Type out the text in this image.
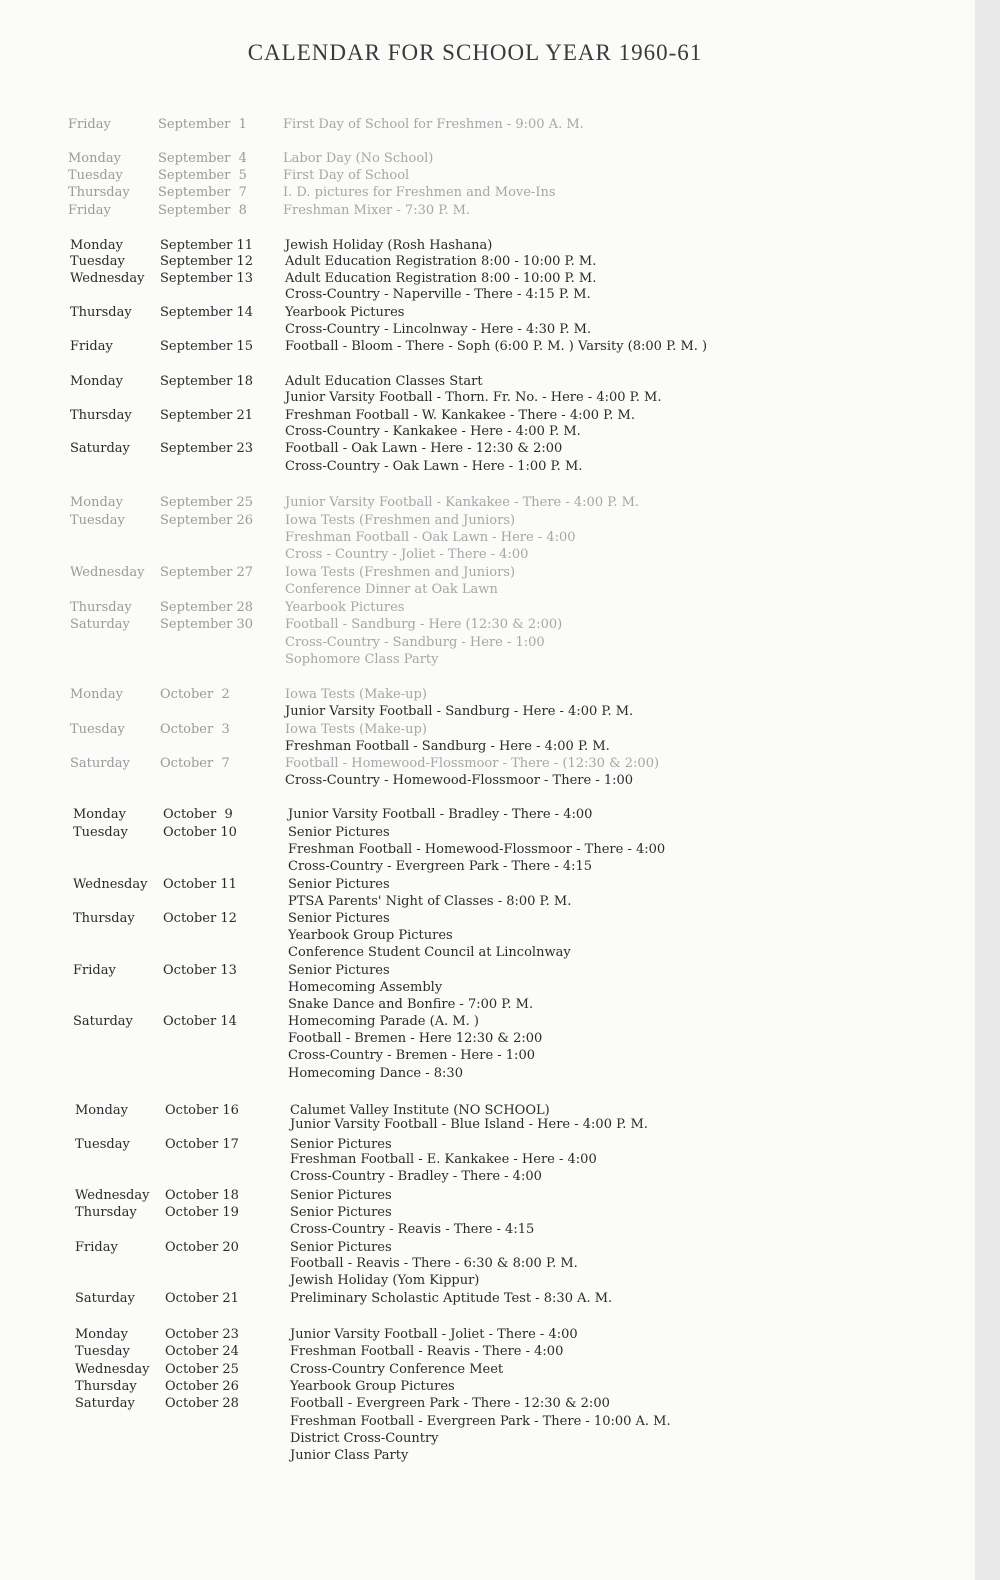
CALENDAR FOR SCHOOL YEAR 1960-61
Friday	September  1	First Day of School for Freshmen - 9:00 A. M.
Monday	September  4	Labor Day (No School)
Tuesday	September  5	First Day of School
Thursday September  7	I. D. pictures for Freshmen and Move-Ins
Friday	September  8	Freshman Mixer - 7:30 P. M.
Monday	September 11 Jewish Holiday (Rosh Hashana)
Tuesday	September 12 Adult Education Registration 8:00 - 10:00 P. M.
Wednesday September 13 Adult Education Registration 8:00 - 10:00 P. M.
Cross-Country - Naperville - There - 4:15 P. M.
Thursday September 14 Yearbook Pictures
Cross-Country - Lincolnway - Here - 4:30 P. M.
Friday	September 15 Football - Bloom - There - Soph (6:00 P. M. ) Varsity (8:00 P. M. )
Monday	September 18 Adult Education Classes Start
Junior Varsity Football - Thorn. Fr. No. - Here - 4:00 P. M.
Thursday September 21 Freshman Football - W. Kankakee - There - 4:00 P. M.
Cross-Country - Kankakee - Here - 4:00 P. M.
Saturday September 23 Football - Oak Lawn - Here - 12:30 & 2:00
Cross-Country - Oak Lawn - Here - 1:00 P. M.
Monday	September 25 Junior Varsity Football - Kankakee - There - 4:00 P. M.
Tuesday	September 26 Iowa Tests (Freshmen and Juniors)
Freshman Football - Oak Lawn - Here - 4:00
Cross - Country - Joliet - There - 4:00
Wednesday September 27 Iowa Tests (Freshmen and Juniors)
Conference Dinner at Oak Lawn
Thursday September 28 Yearbook Pictures
Saturday September 30 Football - Sandburg - Here (12:30 & 2:00)
Cross-Country - Sandburg - Here - 1:00
Sophomore Class Party
Monday	October  2	Iowa Tests (Make-up)
Junior Varsity Football - Sandburg - Here - 4:00 P. M.
Tuesday	October  3	Iowa Tests (Make-up)
Freshman Football - Sandburg - Here - 4:00 P. M.
Saturday October  7	Football - Homewood-Flossmoor - There - (12:30 & 2:00)
Cross-Country - Homewood-Flossmoor - There - 1:00
Monday	October  9	Junior Varsity Football - Bradley - There - 4:00
Tuesday	October 10	Senior Pictures
Freshman Football - Homewood-Flossmoor - There - 4:00
Cross-Country - Evergreen Park - There - 4:15
Wednesday October 11	Senior Pictures
PTSA Parents' Night of Classes - 8:00 P. M.
Thursday October 12	Senior Pictures
Yearbook Group Pictures
Conference Student Council at Lincolnway
Friday	October 13	Senior Pictures
Homecoming Assembly
Snake Dance and Bonfire - 7:00 P. M.
Saturday October 14	Homecoming Parade (A. M. )
Football - Bremen - Here 12:30 & 2:00
Cross-Country - Bremen - Here - 1:00
Homecoming Dance - 8:30
Monday	October 16	Calumet Valley Institute (NO SCHOOL)
Junior Varsity Football - Blue Island - Here - 4:00 P. M.
Tuesday	October 17	Senior Pictures
Freshman Football - E. Kankakee - Here - 4:00
Cross-Country - Bradley - There - 4:00
Wednesday October 18	Senior Pictures
Thursday October 19	Senior Pictures
Cross-Country - Reavis - There - 4:15
Friday	October 20	Senior Pictures
Football - Reavis - There - 6:30 & 8:00 P. M.
Jewish Holiday (Yom Kippur)
Saturday October 21	Preliminary Scholastic Aptitude Test - 8:30 A. M.
Monday	October 23	Junior Varsity Football - Joliet - There - 4:00
Tuesday	October 24	Freshman Football - Reavis - There - 4:00
Wednesday October 25	Cross-Country Conference Meet
Thursday October 26	Yearbook Group Pictures
Saturday October 28	Football - Evergreen Park - There - 12:30 & 2:00
Freshman Football - Evergreen Park - There - 10:00 A. M.
District Cross-Country
Junior Class Party
